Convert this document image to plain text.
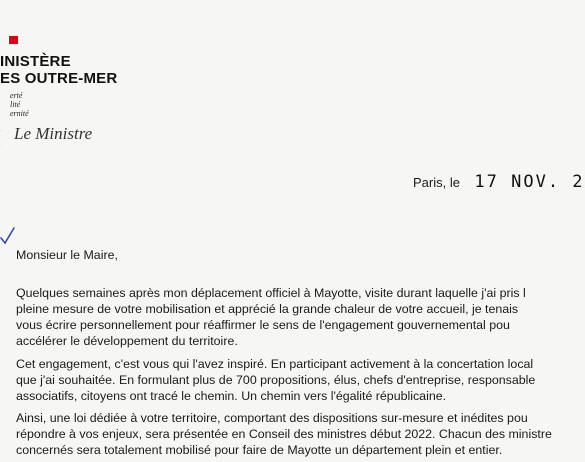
INISTÈRE
ES OUTRE-MER
erté
lité
ernité
Le Ministre
Paris, le 17 NOV. 2
Monsieur le Maire,
Quelques semaines après mon déplacement officiel à Mayotte, visite durant laquelle j'ai pris l
pleine mesure de votre mobilisation et apprécié la grande chaleur de votre accueil, je tenais
vous écrire personnellement pour réaffirmer le sens de l'engagement gouvernemental pou
accélérer le développement du territoire.
Cet engagement, c'est vous qui l'avez inspiré. En participant activement à la concertation local
que j'ai souhaitée. En formulant plus de 700 propositions, élus, chefs d'entreprise, responsable
associatifs, citoyens ont tracé le chemin. Un chemin vers l'égalité républicaine.
Ainsi, une loi dédiée à votre territoire, comportant des dispositions sur-mesure et inédites pou
répondre à vos enjeux, sera présentée en Conseil des ministres début 2022. Chacun des ministre
concernés sera totalement mobilisé pour faire de Mayotte un département plein et entier.
